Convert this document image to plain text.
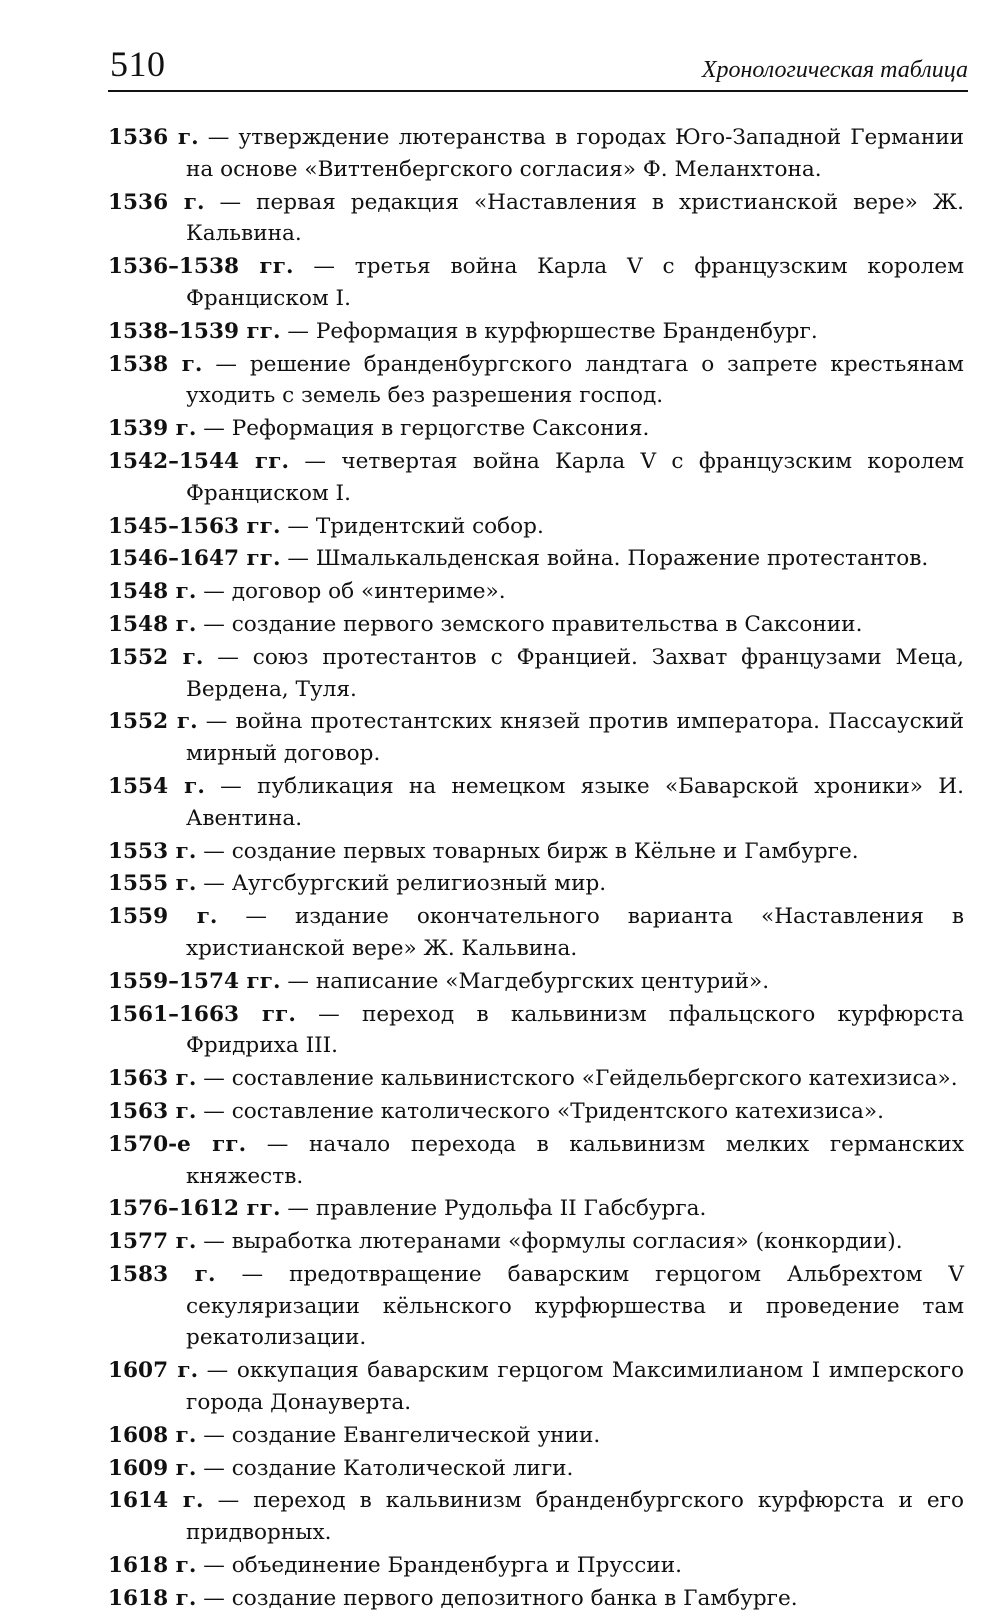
510	Хронологическая таблица
1536 г. — утверждение лютеранства в городах Юго-Западной Германии на основе «Виттенбергского согласия» Ф. Меланхтона.
1536 г. — первая редакция «Наставления в христианской вере» Ж. Кальвина.
1536–1538 гг. — третья война Карла V с французским королем Франциском I.
1538–1539 гг. — Реформация в курфюршестве Бранденбург.
1538 г. — решение бранденбургского ландтага о запрете крестьянам уходить с земель без разрешения господ.
1539 г. — Реформация в герцогстве Саксония.
1542–1544 гг. — четвертая война Карла V с французским королем Франциском I.
1545–1563 гг. — Тридентский собор.
1546–1647 гг. — Шмалькальденская война. Поражение протестантов.
1548 г. — договор об «интериме».
1548 г. — создание первого земского правительства в Саксонии.
1552 г. — союз протестантов с Францией. Захват французами Меца, Вердена, Туля.
1552 г. — война протестантских князей против императора. Пассауский мирный договор.
1554 г. — публикация на немецком языке «Баварской хроники» И. Авентина.
1553 г. — создание первых товарных бирж в Кёльне и Гамбурге.
1555 г. — Аугсбургский религиозный мир.
1559 г. — издание окончательного варианта «Наставления в христианской вере» Ж. Кальвина.
1559–1574 гг. — написание «Магдебургских центурий».
1561–1663 гг. — переход в кальвинизм пфальцского курфюрста Фридриха III.
1563 г. — составление кальвинистского «Гейдельбергского катехизиса».
1563 г. — составление католического «Тридентского катехизиса».
1570-е гг. — начало перехода в кальвинизм мелких германских княжеств.
1576–1612 гг. — правление Рудольфа II Габсбурга.
1577 г. — выработка лютеранами «формулы согласия» (конкордии).
1583 г. — предотвращение баварским герцогом Альбрехтом V секуляризации кёльнского курфюршества и проведение там рекатолизации.
1607 г. — оккупация баварским герцогом Максимилианом I имперского города Донауверта.
1608 г. — создание Евангелической унии.
1609 г. — создание Католической лиги.
1614 г. — переход в кальвинизм бранденбургского курфюрста и его придворных.
1618 г. — объединение Бранденбурга и Пруссии.
1618 г. — создание первого депозитного банка в Гамбурге.
